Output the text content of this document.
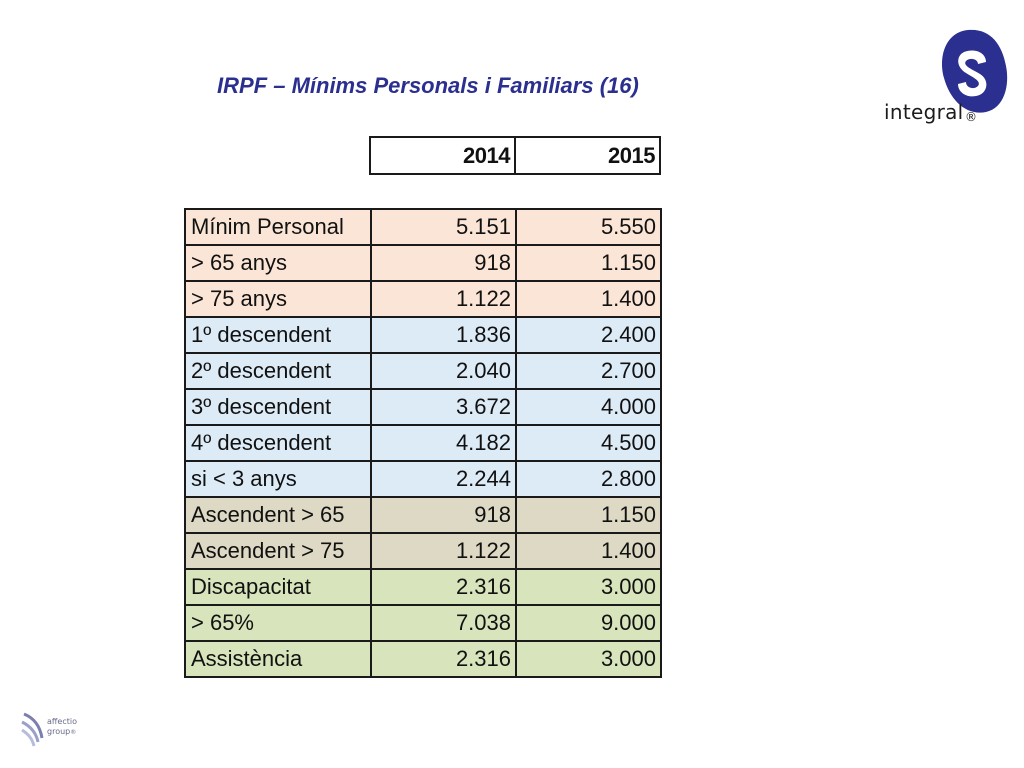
IRPF – Mínims Personals i Familiars (16)
integral ®
2014	2015
Mínim Personal	5.151	5.550
> 65 anys	918	1.150
> 75 anys	1.122	1.400
1º descendent	1.836	2.400
2º descendent	2.040	2.700
3º descendent	3.672	4.000
4º descendent	4.182	4.500
si < 3 anys	2.244	2.800
Ascendent > 65	918	1.150
Ascendent > 75	1.122	1.400
Discapacitat	2.316	3.000
> 65%	7.038	9.000
Assistència	2.316	3.000
affectio
group®
